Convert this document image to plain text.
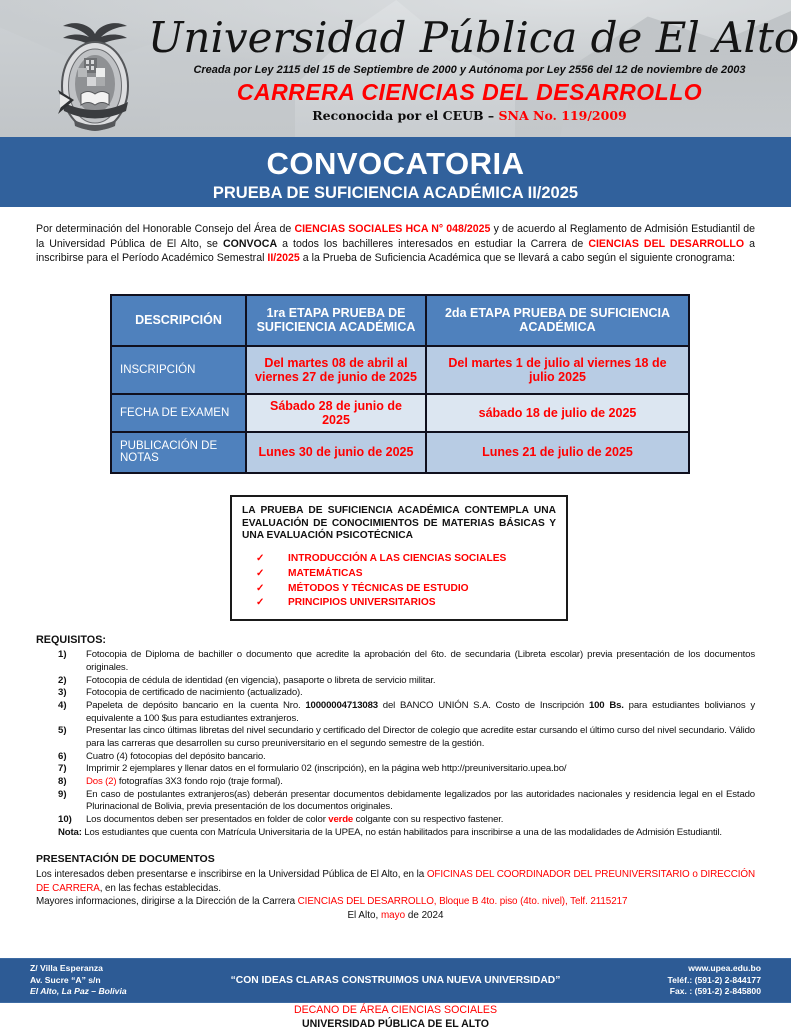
Universidad Pública de El Alto
Creada por Ley 2115 del 15 de Septiembre de 2000 y Autónoma por Ley 2556 del 12 de noviembre de 2003
CARRERA CIENCIAS DEL DESARROLLO
Reconocida por el CEUB – SNA No. 119/2009
CONVOCATORIA
PRUEBA DE SUFICIENCIA ACADÉMICA II/2025

Por determinación del Honorable Consejo del Área de CIENCIAS SOCIALES HCA N° 048/2025 y de acuerdo al Reglamento de Admisión Estudiantil de la Universidad Pública de El Alto, se CONVOCA a todos los bachilleres interesados en estudiar la Carrera de CIENCIAS DEL DESARROLLO a inscribirse para el Período Académico Semestral II/2025 a la Prueba de Suficiencia Académica que se llevará a cabo según el siguiente cronograma:

DESCRIPCIÓN	1ra ETAPA PRUEBA DE SUFICIENCIA ACADÉMICA	2da ETAPA PRUEBA DE SUFICIENCIA ACADÉMICA
INSCRIPCIÓN	Del martes 08 de abril al viernes 27 de junio de 2025	Del martes 1 de julio al viernes 18 de julio 2025
FECHA DE EXAMEN	Sábado 28 de junio de 2025	sábado 18 de julio de 2025
PUBLICACIÓN DE NOTAS	Lunes 30 de junio de 2025	Lunes 21 de julio de 2025
LA PRUEBA DE SUFICIENCIA ACADÉMICA CONTEMPLA UNA EVALUACIÓN DE CONOCIMIENTOS DE MATERIAS BÁSICAS Y UNA EVALUACIÓN PSICOTÉCNICA
✓	INTRODUCCIÓN A LAS CIENCIAS SOCIALES
✓	MATEMÁTICAS
✓	MÉTODOS Y TÉCNICAS DE ESTUDIO
✓	PRINCIPIOS UNIVERSITARIOS
REQUISITOS:
1)	Fotocopia de Diploma de bachiller o documento que acredite la aprobación del 6to. de secundaria (Libreta escolar) previa presentación de los documentos originales.
2)	Fotocopia de cédula de identidad (en vigencia), pasaporte o libreta de servicio militar.
3)	Fotocopia de certificado de nacimiento (actualizado).
4)	Papeleta de depósito bancario en la cuenta Nro. 10000004713083 del BANCO UNIÓN S.A. Costo de Inscripción 100 Bs. para estudiantes bolivianos y equivalente a 100 $us para estudiantes extranjeros.
5)	Presentar las cinco últimas libretas del nivel secundario y certificado del Director de colegio que acredite estar cursando el último curso del nivel secundario. Válido para las carreras que desarrollen su curso preuniversitario en el segundo semestre de la gestión.
6)	Cuatro (4) fotocopias del depósito bancario.
7)	Imprimir 2 ejemplares y llenar datos en el formulario 02 (inscripción), en la página web http://preuniversitario.upea.bo/
8)	Dos (2) fotografías 3X3 fondo rojo (traje formal).
9)	En caso de postulantes extranjeros(as) deberán presentar documentos debidamente legalizados por las autoridades nacionales y residencia legal en el Estado Plurinacional de Bolivia, previa presentación de los documentos originales.
10)	Los documentos deben ser presentados en folder de color verde colgante con su respectivo fastener.
Nota: Los estudiantes que cuenta con Matrícula Universitaria de la UPEA, no están habilitados para inscribirse a una de las modalidades de Admisión Estudiantil.
PRESENTACIÓN DE DOCUMENTOS
Los interesados deben presentarse e inscribirse en la Universidad Pública de El Alto, en la OFICINAS DEL COORDINADOR DEL PREUNIVERSITARIO o DIRECCIÓN DE CARRERA, en las fechas establecidas.
Mayores informaciones, dirigirse a la Dirección de la Carrera CIENCIAS DEL DESARROLLO, Bloque B 4to. piso (4to. nivel), Telf. 2115217
El Alto, mayo de 2024
DECANO DE ÁREA CIENCIAS SOCIALES
UNIVERSIDAD PÚBLICA DE EL ALTO
Z/ Villa Esperanza
Av. Sucre “A” s/n
El Alto, La Paz – Bolivia
“CON IDEAS CLARAS CONSTRUIMOS UNA NUEVA UNIVERSIDAD”
www.upea.edu.bo
Teléf.: (591-2) 2-844177
Fax. : (591-2) 2-845800
